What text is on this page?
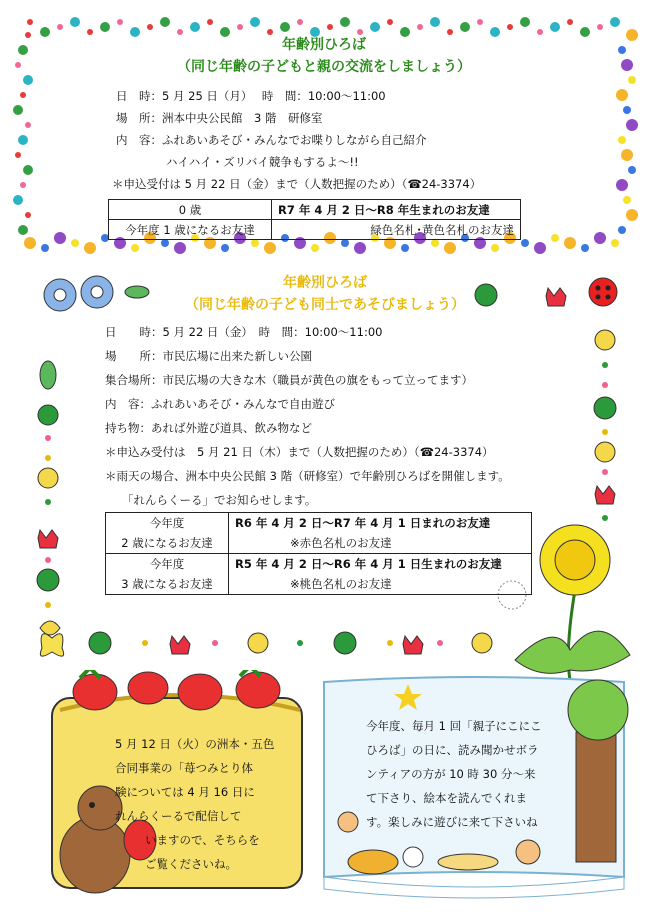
年齢別ひろば
（同じ年齢の子どもと親の交流をしましょう）
日　時：5 月 25 日（月）　 時　間：10:00～11:00
場　所：洲本中央公民館　3 階　研修室
内　容：ふれあいあそび・みんなでお喋りしながら自己紹介
ハイハイ・ズリバイ競争もするよ～!!
＊申込受付は 5 月 22 日（金）まで（人数把握のため）（☎24-3374）
0 歳	R7 年 4 月 2 日～R8 年生まれのお友達
今年度 1 歳になるお友達	緑色名札･黄色名札のお友達
年齢別ひろば
（同じ年齢の子ども同士であそびましょう）
日　　時：5 月 22 日（金）　時　間：10:00～11:00
場　　所：市民広場に出来た新しい公園
集合場所：市民広場の大きな木（職員が黄色の旗をもって立ってます）
内　容：ふれあいあそび・みんなで自由遊び
持ち物：あれば外遊び道具、飲み物など
＊申込み受付は　5 月 21 日（木）まで（人数把握のため）（☎24-3374）
＊雨天の場合、洲本中央公民館 3 階（研修室）で年齢別ひろばを開催します。
「れんらくーる」でお知らせします。
今年度
2 歳になるお友達	R6 年 4 月 2 日～R7 年 4 月 1 日まれのお友達
※赤色名札のお友達
今年度
3 歳になるお友達	R5 年 4 月 2 日～R6 年 4 月 1 日生まれのお友達
※桃色名札のお友達
5 月 12 日（火）の洲本・五色
合同事業の「苺つみとり体
験については 4 月 16 日に
れんらくーるで配信して
いますので、そちらを
ご覧くださいね。
今年度、毎月 1 回「親子にこにこ
ひろば」の日に、読み聞かせボラ
ンティアの方が 10 時 30 分～来
て下さり、絵本を読んでくれま
す。楽しみに遊びに来て下さいね
